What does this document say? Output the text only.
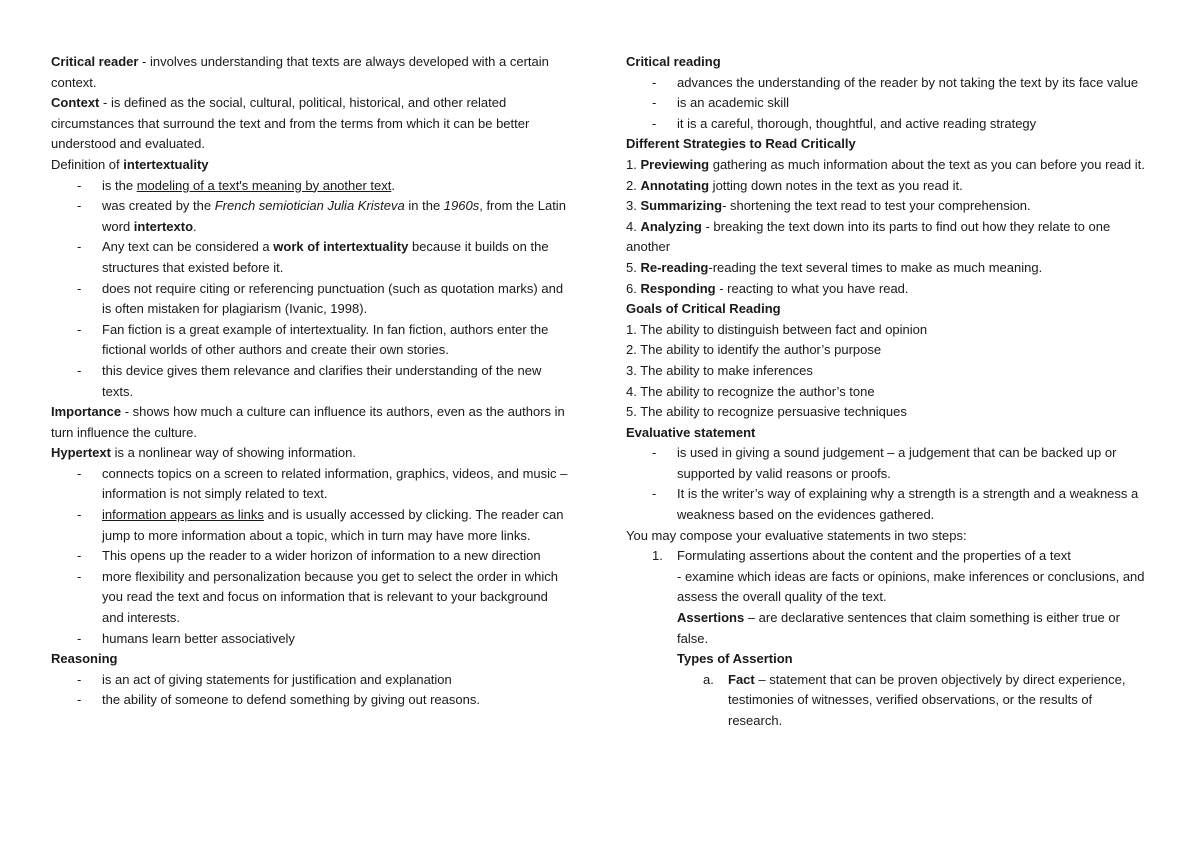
Critical reader - involves understanding that texts are always developed with a certain context.

Context - is defined as the social, cultural, political, historical, and other related circumstances that surround the text and from the terms from which it can be better understood and evaluated.

Definition of intertextuality

- is the modeling of a text's meaning by another text.
- was created by the French semiotician Julia Kristeva in the 1960s, from the Latin word intertexto.
- Any text can be considered a work of intertextuality because it builds on the structures that existed before it.
- does not require citing or referencing punctuation (such as quotation marks) and is often mistaken for plagiarism (Ivanic, 1998).
- Fan fiction is a great example of intertextuality. In fan fiction, authors enter the fictional worlds of other authors and create their own stories.
- this device gives them relevance and clarifies their understanding of the new texts.

Importance - shows how much a culture can influence its authors, even as the authors in turn influence the culture.

Hypertext is a nonlinear way of showing information.

- connects topics on a screen to related information, graphics, videos, and music – information is not simply related to text.
- information appears as links and is usually accessed by clicking. The reader can jump to more information about a topic, which in turn may have more links.
- This opens up the reader to a wider horizon of information to a new direction
- more flexibility and personalization because you get to select the order in which you read the text and focus on information that is relevant to your background and interests.
- humans learn better associatively

Reasoning

- is an act of giving statements for justification and explanation
- the ability of someone to defend something by giving out reasons.

Critical reading

- advances the understanding of the reader by not taking the text by its face value
- is an academic skill
- it is a careful, thorough, thoughtful, and active reading strategy

Different Strategies to Read Critically

1. Previewing gathering as much information about the text as you can before you read it.

2. Annotating jotting down notes in the text as you read it.

3. Summarizing- shortening the text read to test your comprehension.

4. Analyzing - breaking the text down into its parts to find out how they relate to one another

5. Re-reading-reading the text several times to make as much meaning.

6. Responding - reacting to what you have read.

Goals of Critical Reading

1. The ability to distinguish between fact and opinion

2. The ability to identify the author’s purpose

3. The ability to make inferences

4. The ability to recognize the author’s tone

5. The ability to recognize persuasive techniques

Evaluative statement

- is used in giving a sound judgement – a judgement that can be backed up or supported by valid reasons or proofs.
- It is the writer’s way of explaining why a strength is a strength and a weakness a weakness based on the evidences gathered.

You may compose your evaluative statements in two steps:

1. Formulating assertions about the content and the properties of a text
- examine which ideas are facts or opinions, make inferences or conclusions, and assess the overall quality of the text.
Assertions – are declarative sentences that claim something is either true or false.
Types of Assertion
a. Fact – statement that can be proven objectively by direct experience, testimonies of witnesses, verified observations, or the results of research.
